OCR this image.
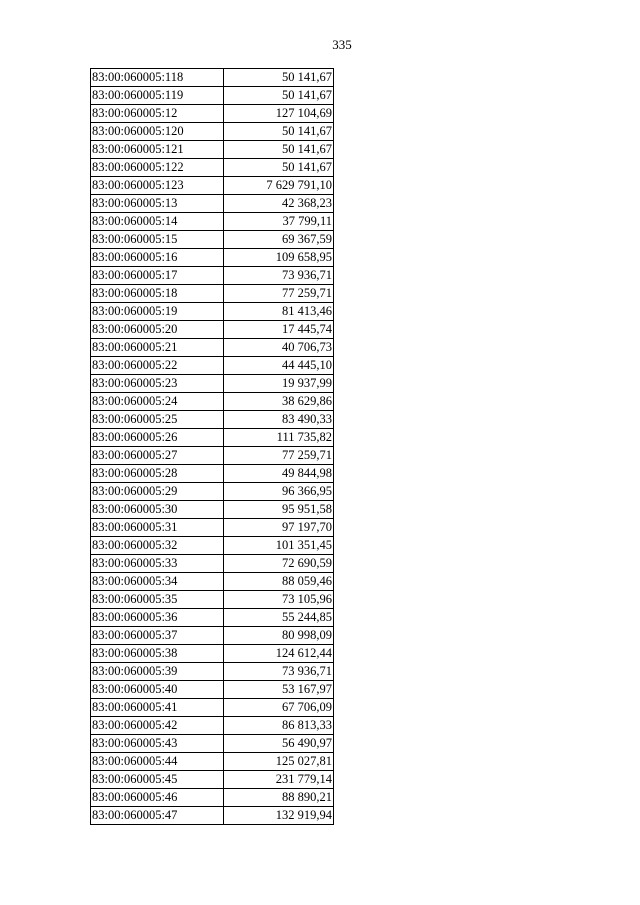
335
83:00:060005:118	50 141,67
83:00:060005:119	50 141,67
83:00:060005:12	127 104,69
83:00:060005:120	50 141,67
83:00:060005:121	50 141,67
83:00:060005:122	50 141,67
83:00:060005:123	7 629 791,10
83:00:060005:13	42 368,23
83:00:060005:14	37 799,11
83:00:060005:15	69 367,59
83:00:060005:16	109 658,95
83:00:060005:17	73 936,71
83:00:060005:18	77 259,71
83:00:060005:19	81 413,46
83:00:060005:20	17 445,74
83:00:060005:21	40 706,73
83:00:060005:22	44 445,10
83:00:060005:23	19 937,99
83:00:060005:24	38 629,86
83:00:060005:25	83 490,33
83:00:060005:26	111 735,82
83:00:060005:27	77 259,71
83:00:060005:28	49 844,98
83:00:060005:29	96 366,95
83:00:060005:30	95 951,58
83:00:060005:31	97 197,70
83:00:060005:32	101 351,45
83:00:060005:33	72 690,59
83:00:060005:34	88 059,46
83:00:060005:35	73 105,96
83:00:060005:36	55 244,85
83:00:060005:37	80 998,09
83:00:060005:38	124 612,44
83:00:060005:39	73 936,71
83:00:060005:40	53 167,97
83:00:060005:41	67 706,09
83:00:060005:42	86 813,33
83:00:060005:43	56 490,97
83:00:060005:44	125 027,81
83:00:060005:45	231 779,14
83:00:060005:46	88 890,21
83:00:060005:47	132 919,94
